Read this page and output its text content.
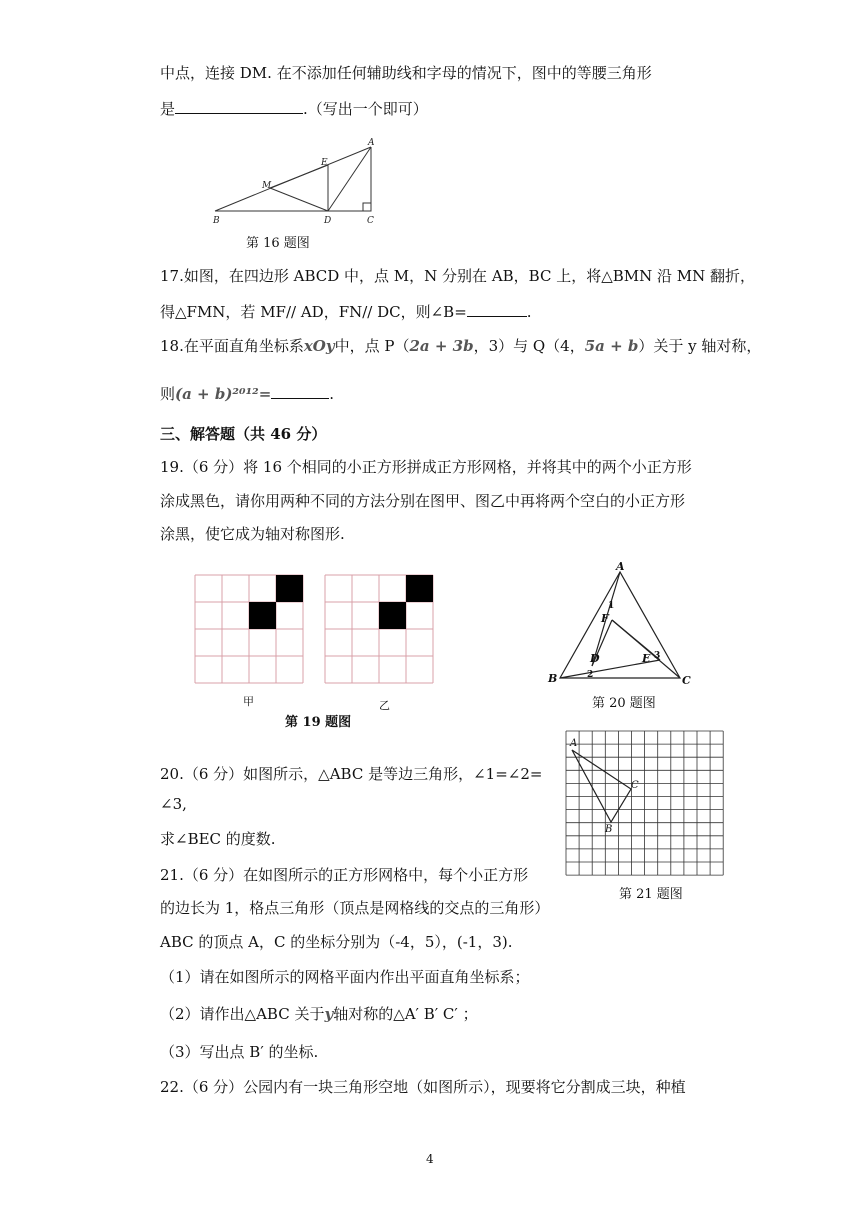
中点，连接 DM. 在不添加任何辅助线和字母的情况下，图中的等腰三角形
是	.（写出一个即可）
A
B	C
D
E
M
第 16 题图
17.如图，在四边形 ABCD 中，点 M，N 分别在 AB，BC 上，将△BMN 沿 MN 翻折，
得△FMN，若 MF// AD，FN// DC，则∠B=	.
18.在平面直角坐标系xOy中，点 P（2a + 3b，3）与 Q（4，5a + b）关于 y 轴对称，
则(a + b)²⁰¹²=	.
三、解答题（共 46 分）
19.（6 分）将 16 个相同的小正方形拼成正方形网格，并将其中的两个小正方形
涂成黑色，请你用两种不同的方法分别在图甲、图乙中再将两个空白的小正方形
涂黑，使它成为轴对称图形.
甲	乙
第 19 题图
A
B	C
D	E
F
1
2
3
第 20 题图
20.（6 分）如图所示，△ABC 是等边三角形，∠1=∠2=
∠3,
求∠BEC 的度数.
A
B
C
第 21 题图
21.（6 分）在如图所示的正方形网格中，每个小正方形
的边长为 1，格点三角形（顶点是网格线的交点的三角形）
ABC 的顶点 A，C 的坐标分别为（-4，5），(-1，3).
（1）请在如图所示的网格平面内作出平面直角坐标系；
（2）请作出△ABC 关于y轴对称的△A′ B′ C′ ；
（3）写出点 B′ 的坐标.
22.（6 分）公园内有一块三角形空地（如图所示），现要将它分割成三块，种植
4
